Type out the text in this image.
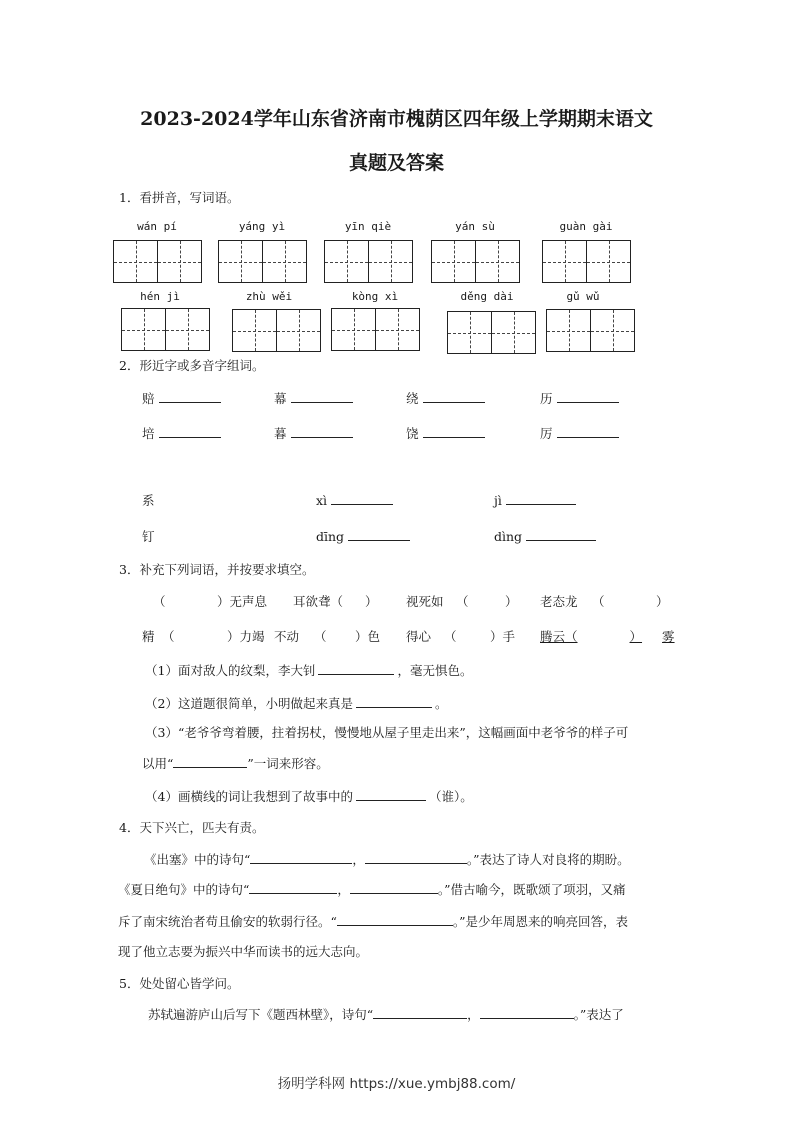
2023-2024学年山东省济南市槐荫区四年级上学期期末语文
真题及答案
1．看拼音，写词语。
wán pí	yáng yì	yīn qiè	yán sù	guàn gài
hén jì	zhù wěi	kòng xì	děng dài	gǔ wǔ
2．形近字或多音字组词。
赔	幕	绕	历
培	暮	饶	厉
系	xì	jì
钉	dīng	dìng
3．补充下列词语，并按要求填空。
（	）无声息 耳欲聋（ ） 视死如 （	） 老态龙 （	）
精 （	）力竭 不动 （ ）色 得心 （	）手 腾云（	） 雾
（1）面对敌人的纹梨，李大钊	，毫无惧色。
（2）这道题很简单，小明做起来真是	。
（3）“老爷爷弯着腰，拄着拐杖，慢慢地从屋子里走出来”，这幅画面中老爷爷的样子可
以用“	”一词来形容。
（4）画横线的词让我想到了故事中的	（谁）。
4．天下兴亡，匹夫有责。
《出塞》中的诗句“	，	。”表达了诗人对良将的期盼。
《夏日绝句》中的诗句“	，	。”借古喻今，既歌颂了项羽，又痛
斥了南宋统治者苟且偷安的软弱行径。“	。”是少年周恩来的响亮回答，表
现了他立志要为振兴中华而读书的远大志向。
5．处处留心皆学问。
苏轼遍游庐山后写下《题西林壁》，诗句“	，	。”表达了
扬明学科网 https://xue.ymbj88.com/
